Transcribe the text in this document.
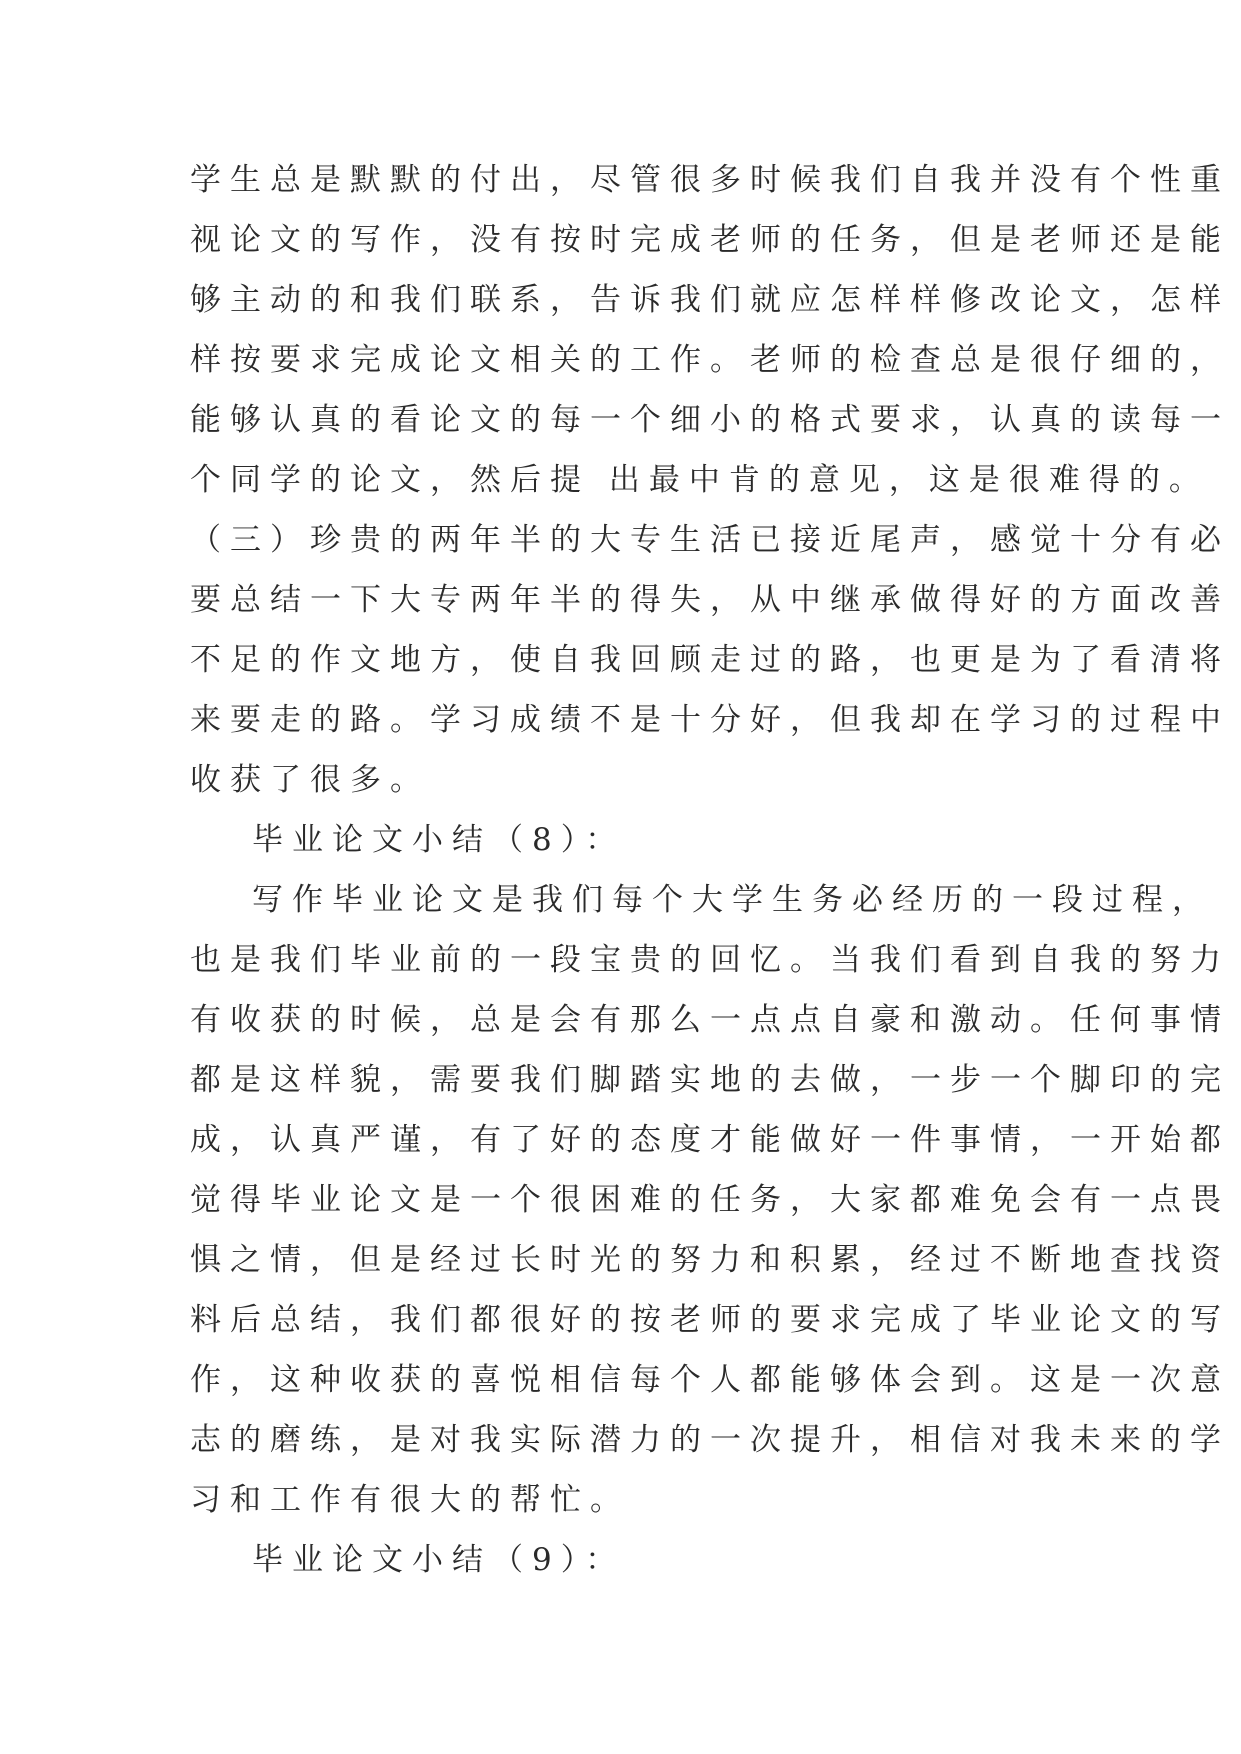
学生总是默默的付出，尽管很多时候我们自我并没有个性重
视论文的写作，没有按时完成老师的任务，但是老师还是能
够主动的和我们联系，告诉我们就应怎样样修改论文，怎样
样按要求完成论文相关的工作。老师的检查总是很仔细的，
能够认真的看论文的每一个细小的格式要求，认真的读每一
个同学的论文，然后提 出最中肯的意见，这是很难得的。
（三）珍贵的两年半的大专生活已接近尾声，感觉十分有必
要总结一下大专两年半的得失，从中继承做得好的方面改善
不足的作文地方，使自我回顾走过的路，也更是为了看清将
来要走的路。学习成绩不是十分好，但我却在学习的过程中
收获了很多。
毕业论文小结（8）：
写作毕业论文是我们每个大学生务必经历的一段过程，
也是我们毕业前的一段宝贵的回忆。当我们看到自我的努力
有收获的时候，总是会有那么一点点自豪和激动。任何事情
都是这样貌，需要我们脚踏实地的去做，一步一个脚印的完
成，认真严谨，有了好的态度才能做好一件事情，一开始都
觉得毕业论文是一个很困难的任务，大家都难免会有一点畏
惧之情，但是经过长时光的努力和积累，经过不断地查找资
料后总结，我们都很好的按老师的要求完成了毕业论文的写
作，这种收获的喜悦相信每个人都能够体会到。这是一次意
志的磨练，是对我实际潜力的一次提升，相信对我未来的学
习和工作有很大的帮忙。
毕业论文小结（9）：
